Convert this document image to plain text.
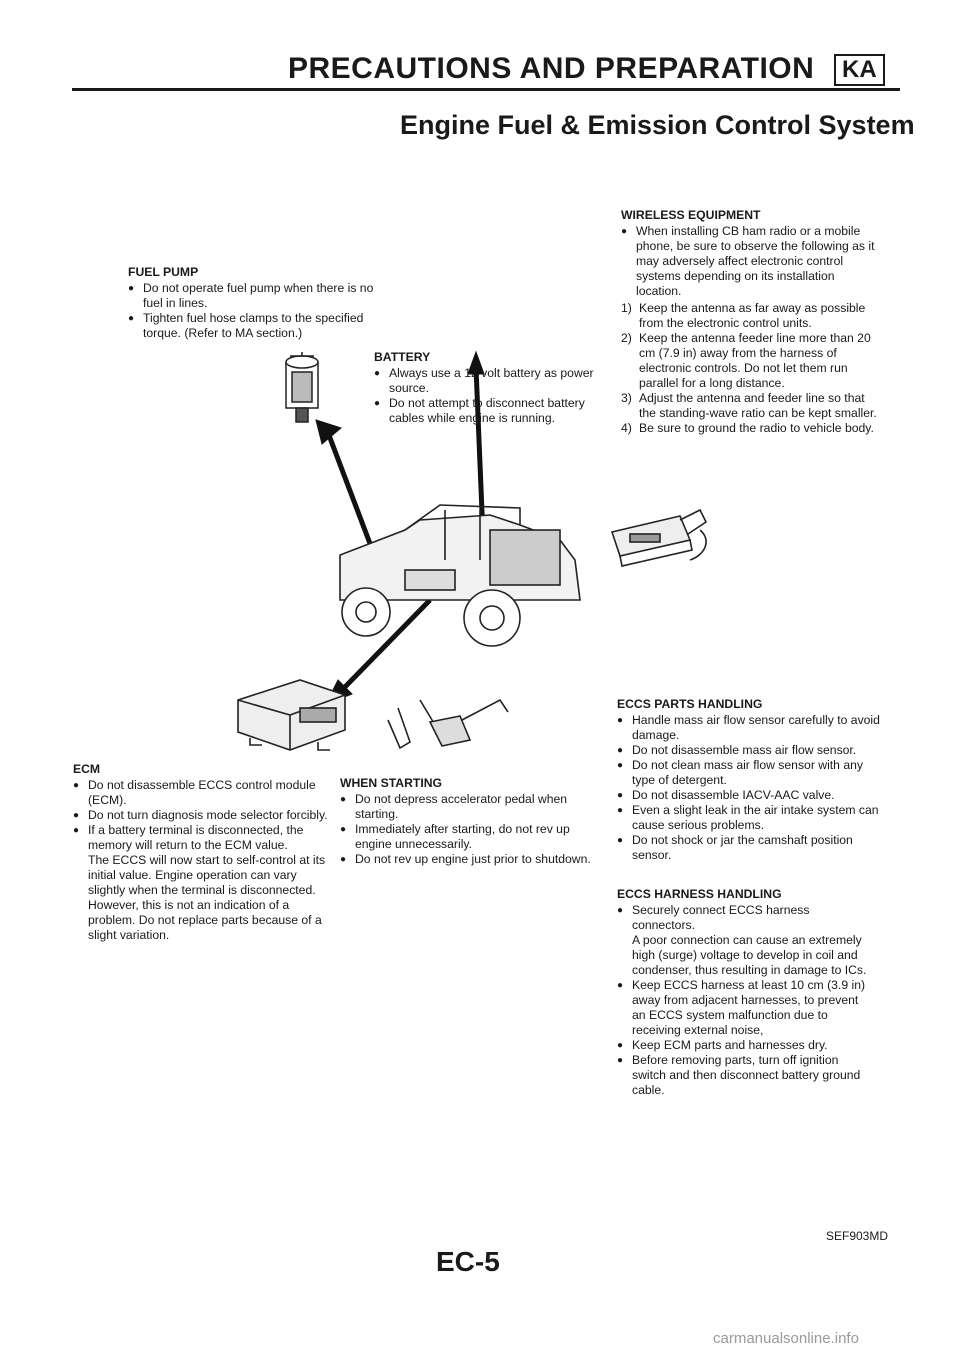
PRECAUTIONS AND PREPARATION	KA
Engine Fuel & Emission Control System
FUEL PUMP
● Do not operate fuel pump when there is no fuel in lines.
● Tighten fuel hose clamps to the specified torque. (Refer to MA section.)
BATTERY
● Always use a 12 volt battery as power source.
● Do not attempt to disconnect battery cables while engine is running.
WIRELESS EQUIPMENT
● When installing CB ham radio or a mobile phone, be sure to observe the following as it may adversely affect electronic control systems depending on its installation location.
1) Keep the antenna as far away as possible from the electronic control units.
2) Keep the antenna feeder line more than 20 cm (7.9 in) away from the harness of electronic controls. Do not let them run parallel for a long distance.
3) Adjust the antenna and feeder line so that the standing-wave ratio can be kept smaller.
4) Be sure to ground the radio to vehicle body.
ECM
● Do not disassemble ECCS control module (ECM).
● Do not turn diagnosis mode selector forcibly.
● If a battery terminal is disconnected, the memory will return to the ECM value.
The ECCS will now start to self-control at its initial value. Engine operation can vary slightly when the terminal is disconnected. However, this is not an indication of a problem. Do not replace parts because of a slight variation.
WHEN STARTING
● Do not depress accelerator pedal when starting.
● Immediately after starting, do not rev up engine unnecessarily.
● Do not rev up engine just prior to shutdown.
ECCS PARTS HANDLING
● Handle mass air flow sensor carefully to avoid damage.
● Do not disassemble mass air flow sensor.
● Do not clean mass air flow sensor with any type of detergent.
● Do not disassemble IACV-AAC valve.
● Even a slight leak in the air intake system can cause serious problems.
● Do not shock or jar the camshaft position sensor.
ECCS HARNESS HANDLING
● Securely connect ECCS harness connectors.
A poor connection can cause an extremely high (surge) voltage to develop in coil and condenser, thus resulting in damage to ICs.
● Keep ECCS harness at least 10 cm (3.9 in) away from adjacent harnesses, to prevent an ECCS system malfunction due to receiving external noise,
● Keep ECM parts and harnesses dry.
● Before removing parts, turn off ignition switch and then disconnect battery ground cable.
SEF903MD
EC-5
carmanualsonline.info
